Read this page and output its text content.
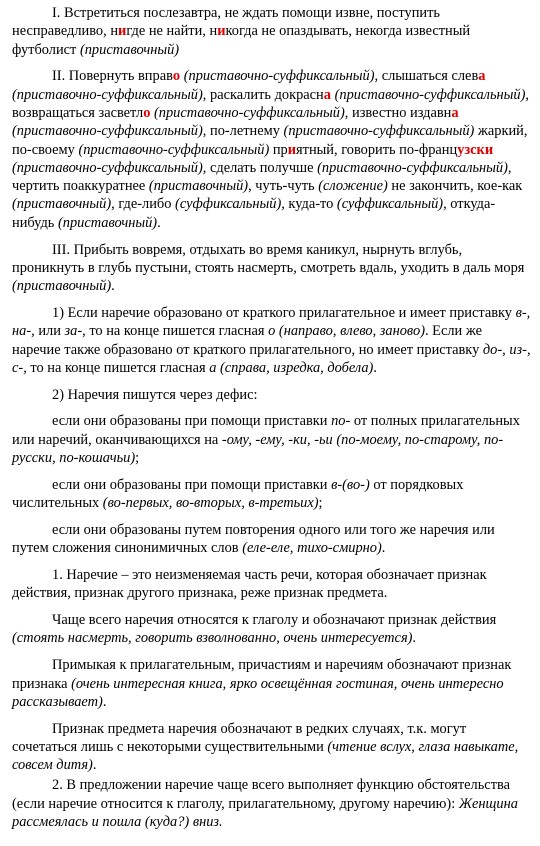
I. Встретиться послезавтра, не ждать помощи извне, поступить несправедливо, нигде не найти, никогда не опаздывать, некогда известный футболист (приставочный)

II. Повернуть вправо (приставочно-суффиксальный), слышаться слева (приставочно-суффиксальный), раскалить докрасна (приставочно-суффиксальный), возвращаться засветло (приставочно-суффиксальный), известно издавна (приставочно-суффиксальный), по-летнему (приставочно-суффиксальный) жаркий, по-своему (приставочно-суффиксальный) приятный, говорить по-французски (приставочно-суффиксальный), сделать получше (приставочно-суффиксальный), чертить поаккуратнее (приставочный), чуть-чуть (сложение) не закончить, кое-как (приставочный), где-либо (суффиксальный), куда-то (суффиксальный), откуда-нибудь (приставочный).

III. Прибыть вовремя, отдыхать во время каникул, нырнуть вглубь, проникнуть в глубь пустыни, стоять насмерть, смотреть вдаль, уходить в даль моря (приставочный).

1) Если наречие образовано от краткого прилагательное и имеет приставку в-, на-, или за-, то на конце пишется гласная о (направо, влево, заново). Если же наречие также образовано от краткого прилагательного, но имеет приставку до-, из-, с-, то на конце пишется гласная а (справа, изредка, добела).

2) Наречия пишутся через дефис:

если они образованы при помощи приставки по- от полных прилагательных или наречий, оканчивающихся на -ому, -ему, -ки, -ьи (по-моему, по-старому, по-русски, по-кошачьи);

если они образованы при помощи приставки в-(во-) от порядковых числительных (во-первых, во-вторых, в-третьих);

если они образованы путем повторения одного или того же наречия или путем сложения синонимичных слов (еле-еле, тихо-смирно).

1. Наречие – это неизменяемая часть речи, которая обозначает признак действия, признак другого признака, реже признак предмета.

Чаще всего наречия относятся к глаголу и обозначают признак действия (стоять насмерть, говорить взволнованно, очень интересуется).

Примыкая к прилагательным, причастиям и наречиям обозначают признак признака (очень интересная книга, ярко освещённая гостиная, очень интересно рассказывает).

Признак предмета наречия обозначают в редких случаях, т.к. могут сочетаться лишь с некоторыми существительными (чтение вслух, глаза навыкате, совсем дитя).

2. В предложении наречие чаще всего выполняет функцию обстоятельства (если наречие относится к глаголу, прилагательному, другому наречию): Женщина рассмеялась и пошла (куда?) вниз.
